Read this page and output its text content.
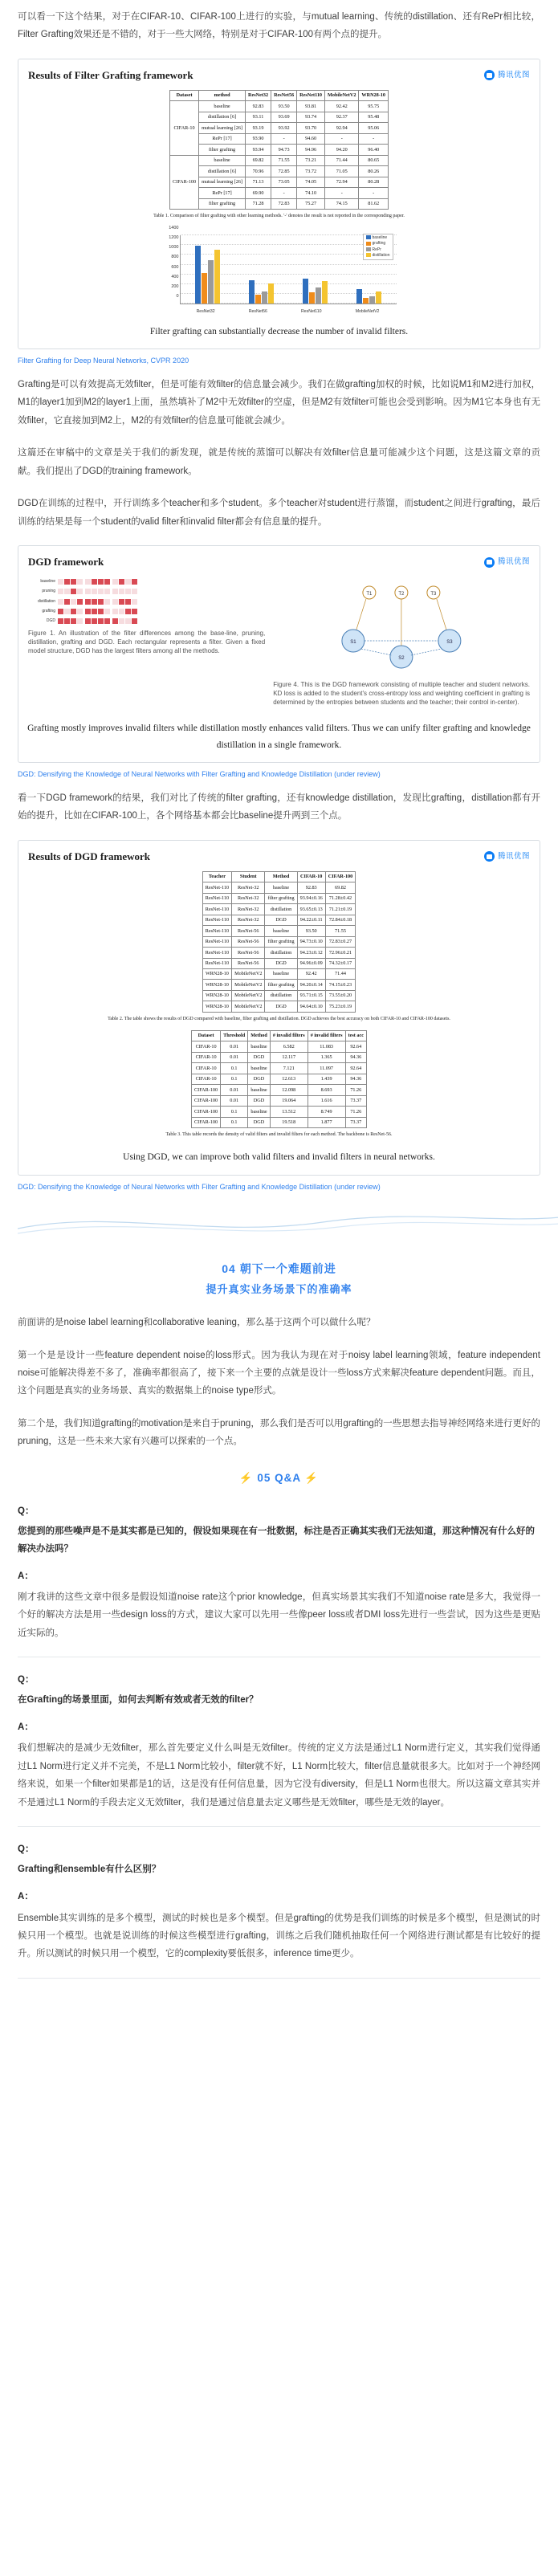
可以看一下这个结果，对于在CIFAR-10、CIFAR-100上进行的实验，与mutual learning、传统的distillation、还有RePr相比较，Filter Grafting效果还是不错的，对于一些大网络，特别是对于CIFAR-100有两个点的提升。

Results of Filter Grafting framework	腾讯优图
Dataset	method	ResNet32	ResNet56	ResNet110	MobileNetV2	WRN28-10
CIFAR-10	baseline	92.83	93.50	93.81	92.42	95.75
	distillation [6]	93.11	93.69	93.74	92.37	95.48
	mutual learning [26]	93.19	93.92	93.70	92.94	95.06
	RePr [17]	93.90	-	94.60	-	-
	filter grafting	93.94	94.73	94.96	94.20	96.40
CIFAR-100	baseline	69.82	71.55	73.21	71.44	80.65
	distillation [6]	70.96	72.85	73.72	71.05	80.26
	mutual learning [26]	71.13	73.05	74.05	72.94	80.28
	RePr [17]	69.90	-	74.10	-	-
	filter grafting	71.28	72.83	75.27	74.15	81.62
Table 1. Comparison of filter grafting with other learning methods. '-' denotes the result is not reported in the corresponding paper.
0
200
400
600
800
1000
1200
1400
ResNet32	ResNet56	ResNet110	MobileNetV2
baseline
grafting
RePr
distillation
Filter grafting can substantially decrease the number of invalid filters.
Filter Grafting for Deep Neural Networks, CVPR 2020

Grafting是可以有效提高无效filter，但是可能有效filter的信息量会减少。我们在做grafting加权的时候，比如说M1和M2进行加权，M1的layer1加到M2的layer1上面，虽然填补了M2中无效filter的空虚，但是M2有效filter可能也会受到影响。因为M1它本身也有无效filter，它直接加到M2上，M2的有效filter的信息量可能就会减少。

这篇还在审稿中的文章是关于我们的新发现，就是传统的蒸馏可以解决有效filter信息量可能减少这个问题，这是这篇文章的贡献。我们提出了DGD的training framework。

DGD在训练的过程中，开行训练多个teacher和多个student。多个teacher对student进行蒸馏，而student之间进行grafting，最后训练的结果是每一个student的valid filter和invalid filter都会有信息量的提升。

DGD framework	腾讯优图
baseline
pruning
distillation
grafting
DGD
Figure 1. An illustration of the filter differences among the base-line, pruning, distillation, grafting and DGD. Each rectangular represents a filter. Given a fixed model structure, DGD has the largest filters among all the methods.
T1	T2	T3
S1
S2
S3
Figure 4. This is the DGD framework consisting of multiple teacher and student networks. KD loss is added to the student's cross-entropy loss and weighting coefficient in grafting is determined by the entropies between students and the teacher; their control in-center).
Grafting mostly improves invalid filters while distillation mostly enhances valid filters. Thus we can unify filter grafting and knowledge distillation in a single framework.
DGD: Densifying the Knowledge of Neural Networks with Filter Grafting and Knowledge Distillation (under review)

看一下DGD framework的结果，我们对比了传统的filter grafting，还有knowledge distillation，发现比grafting，distillation都有开始的提升，比如在CIFAR-100上，各个网络基本都会比baseline提升两到三个点。

Results of DGD framework	腾讯优图
Teacher	Student	Method	CIFAR-10	CIFAR-100
ResNet-110	ResNet-32	baseline	92.83	69.82
ResNet-110	ResNet-32	filter grafting	93.94±0.16	71.28±0.42
ResNet-110	ResNet-32	distillation	93.65±0.13	71.21±0.19
ResNet-110	ResNet-32	DGD	94.22±0.11	72.84±0.18
ResNet-110	ResNet-56	baseline	93.50	71.55
ResNet-110	ResNet-56	filter grafting	94.73±0.10	72.83±0.27
ResNet-110	ResNet-56	distillation	94.23±0.12	72.96±0.21
ResNet-110	ResNet-56	DGD	94.96±0.09	74.32±0.17
WRN28-10	MobileNetV2	baseline	92.42	71.44
WRN28-10	MobileNetV2	filter grafting	94.20±0.14	74.15±0.23
WRN28-10	MobileNetV2	distillation	93.71±0.15	73.55±0.20
WRN28-10	MobileNetV2	DGD	94.64±0.10	75.23±0.19
Table 2. The table shows the results of DGD compared with baseline, filter grafting and distillation. DGD achieves the best accuracy on both CIFAR-10 and CIFAR-100 datasets.
Dataset	Threshold	Method	# invalid filters	# invalid filters	test acc
CIFAR-10	0.01	baseline	6.582	11.083	92.64
CIFAR-10	0.01	DGD	12.117	1.365	94.36
CIFAR-10	0.1	baseline	7.121	11.097	92.64
CIFAR-10	0.1	DGD	12.613	1.439	94.36
CIFAR-100	0.01	baseline	12.098	8.693	71.26
CIFAR-100	0.01	DGD	19.064	1.616	73.37
CIFAR-100	0.1	baseline	13.512	8.749	71.26
CIFAR-100	0.1	DGD	19.518	1.877	73.37
Table 3. This table records the density of valid filters and invalid filters for each method. The backbone is ResNet-56.
Using DGD, we can improve both valid filters and invalid filters in neural networks.
DGD: Densifying the Knowledge of Neural Networks with Filter Grafting and Knowledge Distillation (under review)
04 朝下一个难题前进
提升真实业务场景下的准确率

前面讲的是noise label learning和collaborative leaning，那么基于这两个可以做什么呢？

第一个是是设计一些feature dependent noise的loss形式。因为我认为现在对于noisy label learning领域，feature independent noise可能解决得差不多了，准确率都很高了，接下来一个主要的点就是设计一些loss方式来解决feature dependent问题。而且，这个问题是真实的业务场景、真实的数据集上的noise type形式。

第二个是，我们知道grafting的motivation是来自于pruning，那么我们是否可以用grafting的一些思想去指导神经网络来进行更好的pruning，这是一些未来大家有兴趣可以探索的一个点。

⚡ 05 Q&A ⚡
Q：
您提到的那些噪声是不是其实都是已知的，假设如果现在有一批数据，标注是否正确其实我们无法知道，那这种情况有什么好的解决办法吗？
A：

刚才我讲的这些文章中很多是假设知道noise rate这个prior knowledge，但真实场景其实我们不知道noise rate是多大，我觉得一个好的解决方法是用一些design loss的方式，建议大家可以先用一些像peer loss或者DMI loss先进行一些尝试，因为这些是更贴近实际的。

Q：
在Grafting的场景里面，如何去判断有效或者无效的filter？
A：

我们想解决的是减少无效filter，那么首先要定义什么叫是无效filter。传统的定义方法是通过L1 Norm进行定义，其实我们觉得通过L1 Norm进行定义并不完美，不是L1 Norm比较小，filter就不好，L1 Norm比较大，filter信息量就很多大。比如对于一个神经网络来说，如果一个filter如果都是1的话，这是没有任何信息量，因为它没有diversity，但是L1 Norm也很大。所以这篇文章其实并不是通过L1 Norm的手段去定义无效filter，我们是通过信息量去定义哪些是无效filter，哪些是无效的layer。

Q：
Grafting和ensemble有什么区别？
A：

Ensemble其实训练的是多个模型，测试的时候也是多个模型。但是grafting的优势是我们训练的时候是多个模型，但是测试的时候只用一个模型。也就是说训练的时候这些模型进行grafting，训练之后我们随机抽取任何一个网络进行测试都是有比较好的提升。所以测试的时候只用一个模型，它的complexity要低很多，inference time更少。
